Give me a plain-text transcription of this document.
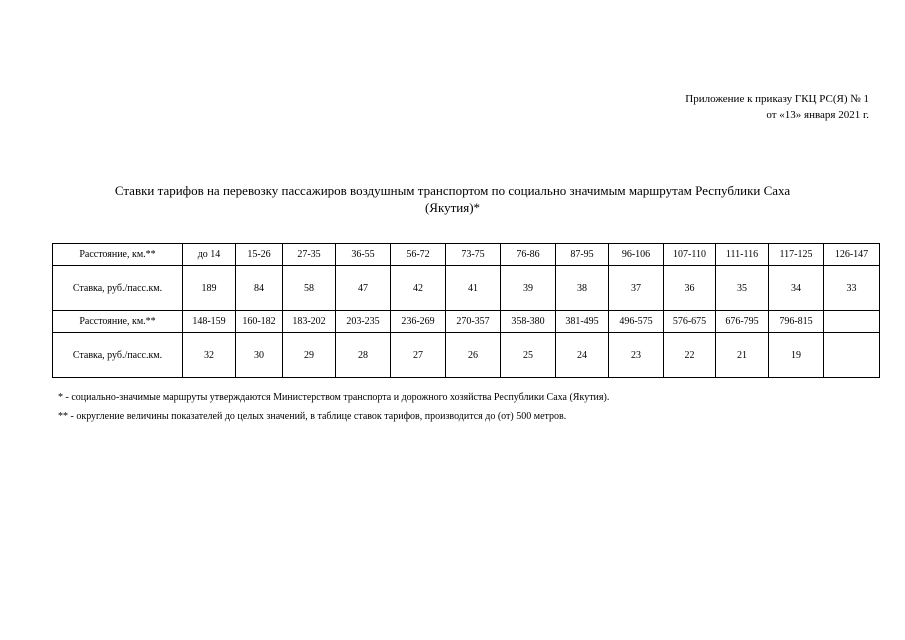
Приложение к приказу ГКЦ РС(Я) № 1
от «13» января 2021 г.
Ставки тарифов на перевозку пассажиров воздушным транспортом по социально значимым маршрутам Республики Саха
(Якутия)*
Расстояние, км.**	до 14	15-26	27-35	36-55	56-72	73-75	76-86	87-95	96-106	107-110	111-116	117-125	126-147
Ставка, руб./пасс.км.	189	84	58	47	42	41	39	38	37	36	35	34	33
Расстояние, км.**	148-159	160-182	183-202	203-235	236-269	270-357	358-380	381-495	496-575	576-675	676-795	796-815	
Ставка, руб./пасс.км.	32	30	29	28	27	26	25	24	23	22	21	19	
* - социально-значимые маршруты утверждаются Министерством транспорта и дорожного хозяйства Республики Саха (Якутия).
** - округление величины показателей до целых значений, в таблице ставок тарифов, производится до (от) 500 метров.
